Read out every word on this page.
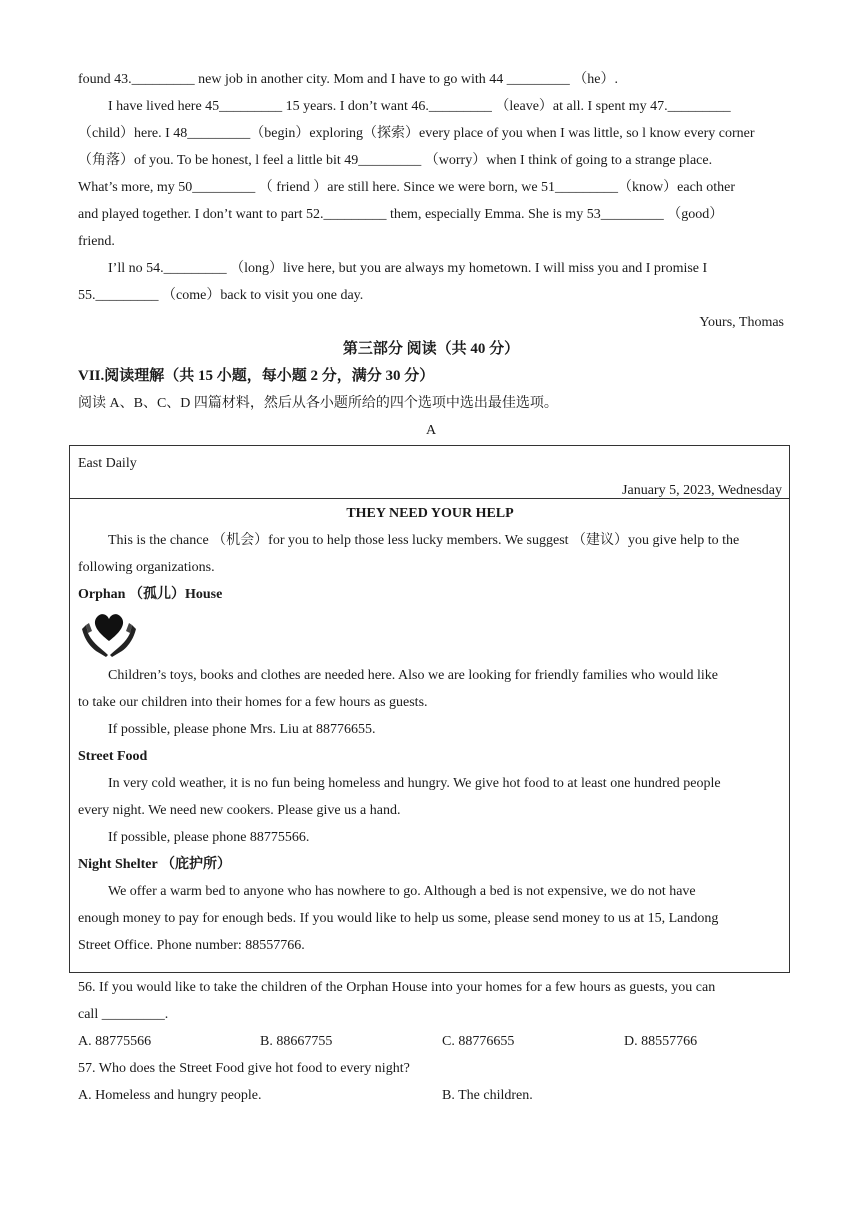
found 43._________ new job in another city. Mom and I have to go with 44 _________ （he）.
I have lived here 45_________ 15 years. I don’t want 46._________ （leave）at all. I spent my 47._________
（child）here. I 48_________（begin）exploring（探索）every place of you when I was little, so l know every corner
（角落）of you. To be honest, l feel a little bit 49_________ （worry）when I think of going to a strange place.
What’s more, my 50_________ （ friend ）are still here. Since we were born, we 51_________（know）each other
and played together. I don’t want to part 52._________ them, especially Emma. She is my 53_________ （good）
friend.
I’ll no 54._________ （long）live here, but you are always my hometown. I will miss you and I promise I
55._________ （come）back to visit you one day.
Yours, Thomas
第三部分 阅读（共 40 分）
VII.阅读理解（共 15 小题，每小题 2 分，满分 30 分）
阅读 A、B、C、D 四篇材料，然后从各小题所给的四个选项中选出最佳选项。
A
East Daily
January 5, 2023, Wednesday
THEY NEED YOUR HELP
This is the chance （机会）for you to help those less lucky members. We suggest （建议）you give help to the
following organizations.
Orphan （孤儿）House
Children’s toys, books and clothes are needed here. Also we are looking for friendly families who would like
to take our children into their homes for a few hours as guests.
If possible, please phone Mrs. Liu at 88776655.
Street Food
In very cold weather, it is no fun being homeless and hungry. We give hot food to at least one hundred people
every night. We need new cookers. Please give us a hand.
If possible, please phone 88775566.
Night Shelter （庇护所）
We offer a warm bed to anyone who has nowhere to go. Although a bed is not expensive, we do not have
enough money to pay for enough beds. If you would like to help us some, please send money to us at 15, Landong
Street Office. Phone number: 88557766.
56. If you would like to take the children of the Orphan House into your homes for a few hours as guests, you can
call _________.
A. 88775566	B. 88667755	C. 88776655	D. 88557766
57. Who does the Street Food give hot food to every night?
A. Homeless and hungry people.	B. The children.
